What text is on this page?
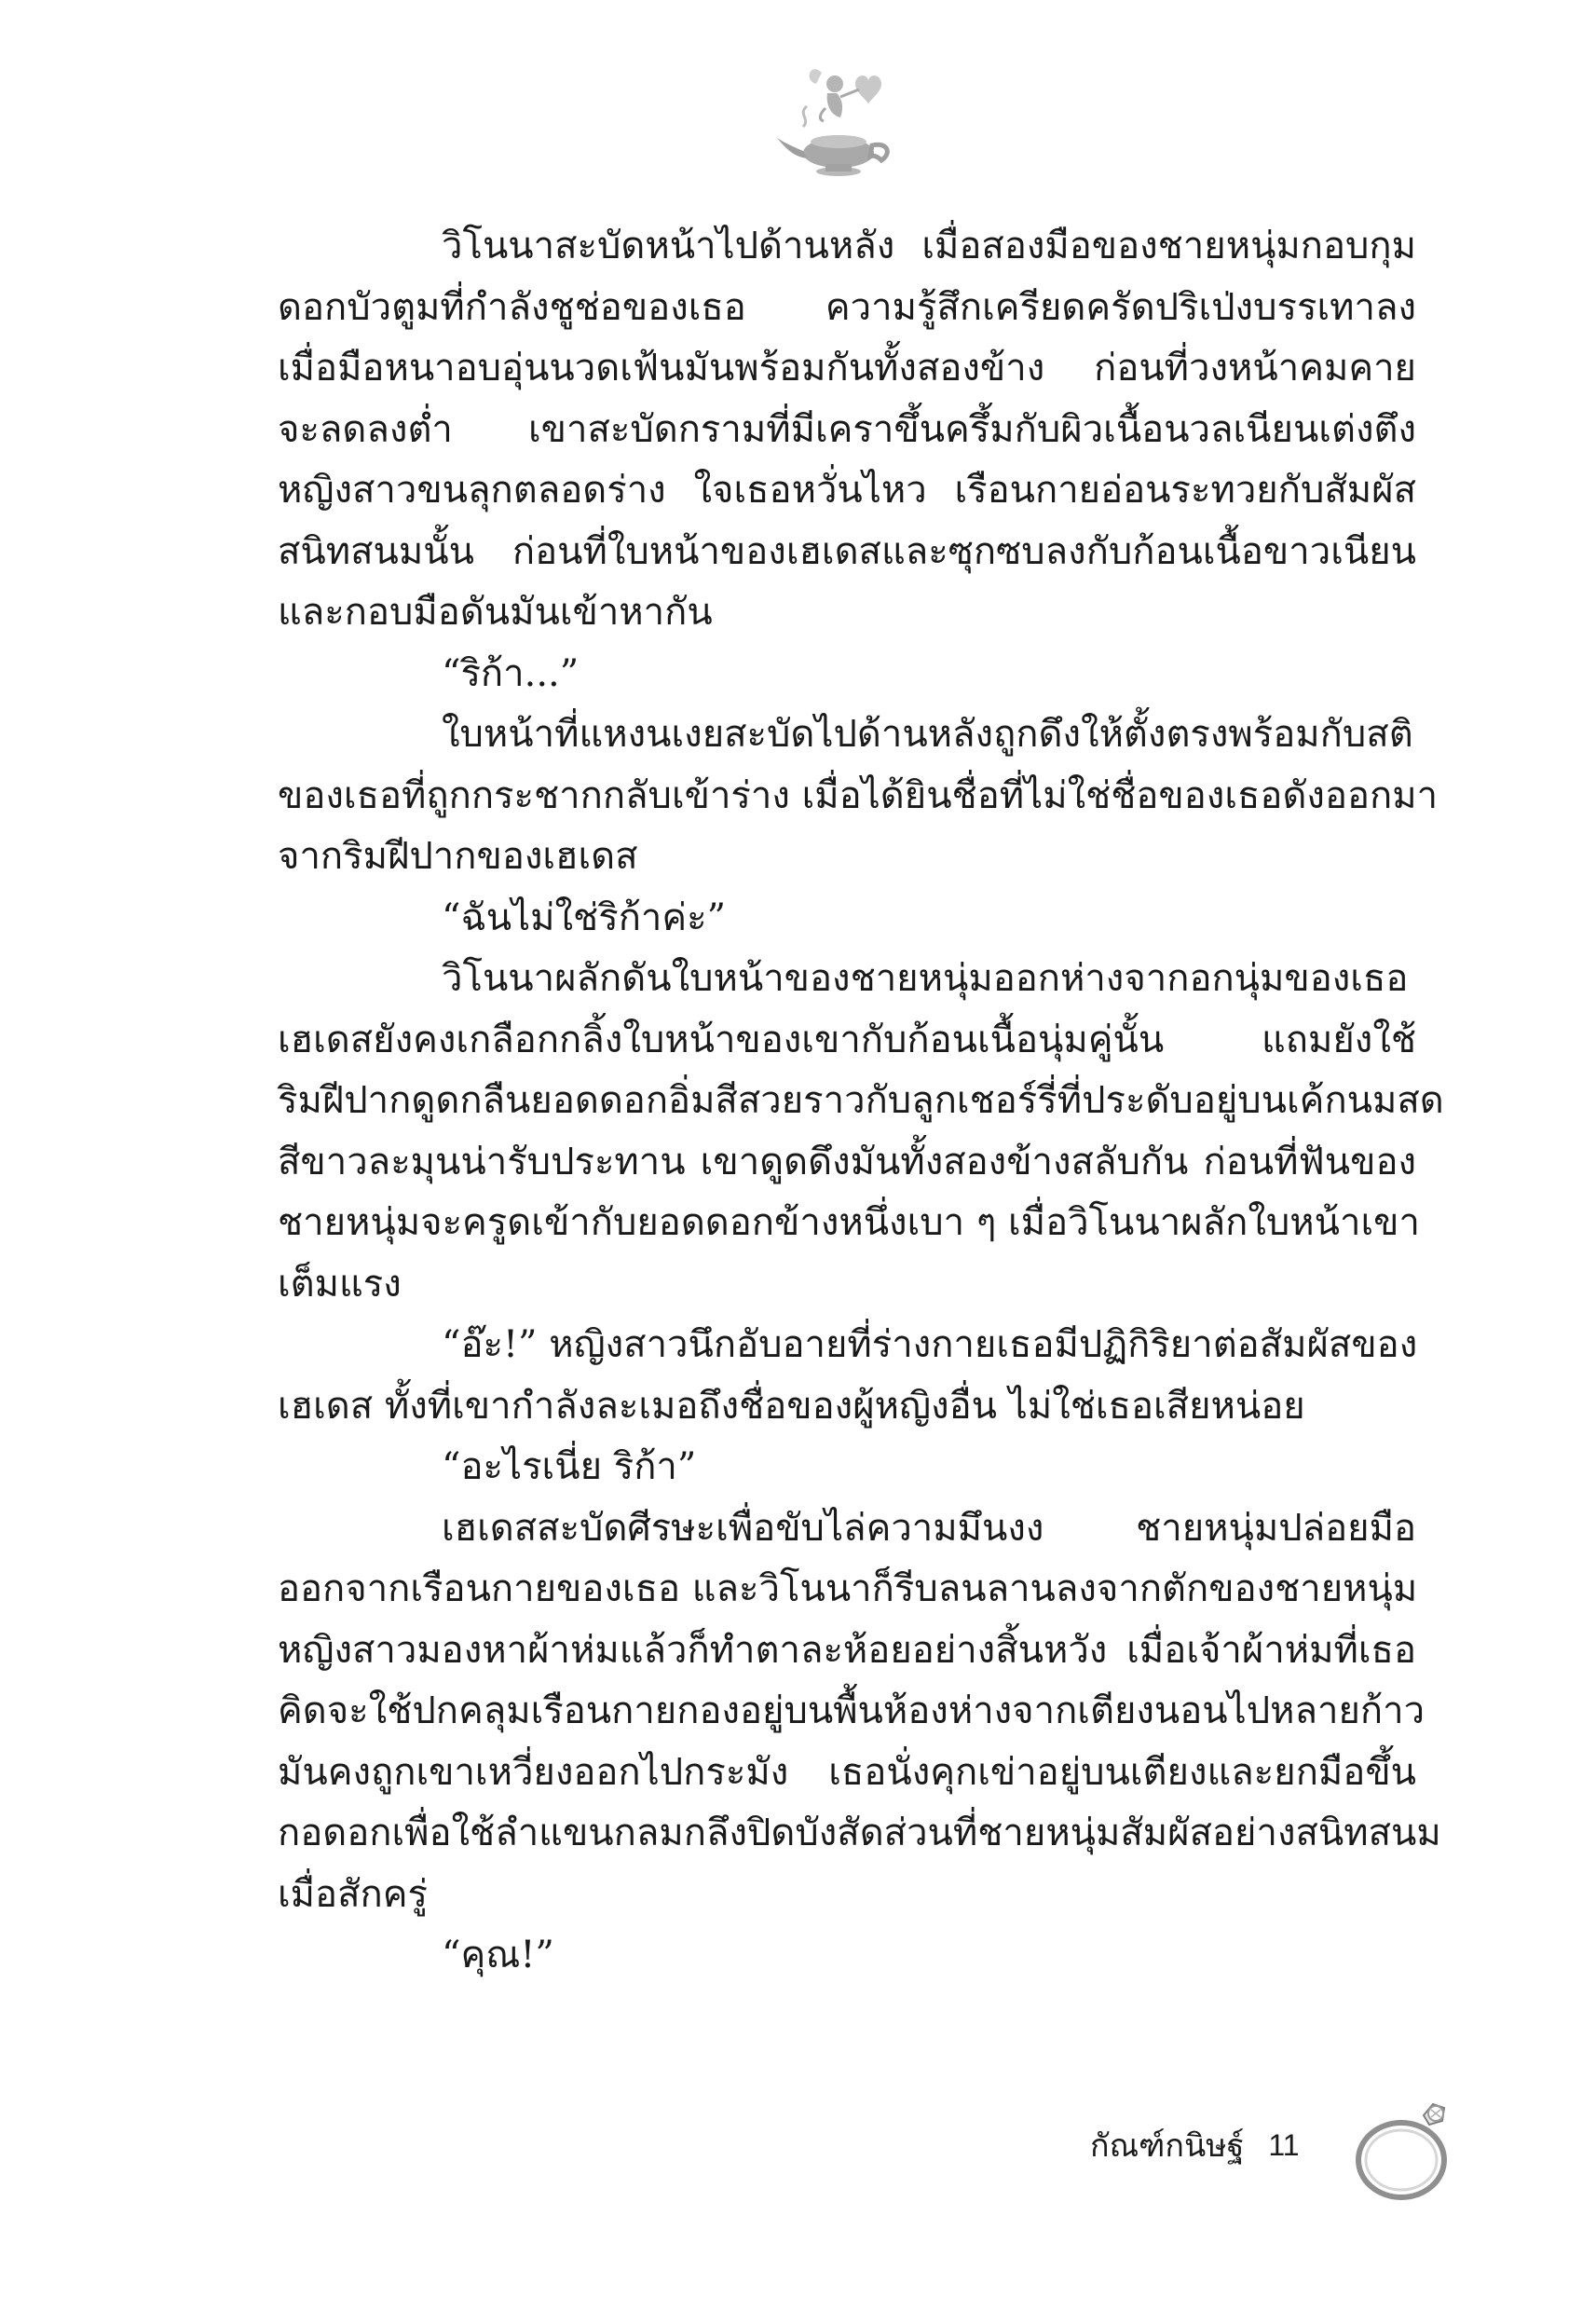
วิโนนาสะบัดหน้าไปด้านหลัง เมื่อสองมือของชายหนุ่มกอบกุม
ดอกบัวตูมที่กำลังชูช่อของเธอ ความรู้สึกเครียดครัดปริเป่งบรรเทาลง
เมื่อมือหนาอบอุ่นนวดเฟ้นมันพร้อมกันทั้งสองข้าง ก่อนที่วงหน้าคมคาย
จะลดลงต่ำ เขาสะบัดกรามที่มีเคราขึ้นครึ้มกับผิวเนื้อนวลเนียนเต่งตึง
หญิงสาวขนลุกตลอดร่าง ใจเธอหวั่นไหว เรือนกายอ่อนระทวยกับสัมผัส
สนิทสนมนั้น ก่อนที่ใบหน้าของเฮเดสและซุกซบลงกับก้อนเนื้อขาวเนียน
และกอบมือดันมันเข้าหากัน
“ริก้า...”
ใบหน้าที่แหงนเงยสะบัดไปด้านหลังถูกดึงให้ตั้งตรงพร้อมกับสติ
ของเธอที่ถูกกระชากกลับเข้าร่าง เมื่อได้ยินชื่อที่ไม่ใช่ชื่อของเธอดังออกมา
จากริมฝีปากของเฮเดส
“ฉันไม่ใช่ริก้าค่ะ”
วิโนนาผลักดันใบหน้าของชายหนุ่มออกห่างจากอกนุ่มของเธอ
เฮเดสยังคงเกลือกกลิ้งใบหน้าของเขากับก้อนเนื้อนุ่มคู่นั้น แถมยังใช้
ริมฝีปากดูดกลืนยอดดอกอิ่มสีสวยราวกับลูกเชอร์รี่ที่ประดับอยู่บนเค้กนมสด
สีขาวละมุนน่ารับประทาน เขาดูดดึงมันทั้งสองข้างสลับกัน ก่อนที่ฟันของ
ชายหนุ่มจะครูดเข้ากับยอดดอกข้างหนึ่งเบา ๆ เมื่อวิโนนาผลักใบหน้าเขา
เต็มแรง
“อ๊ะ!” หญิงสาวนึกอับอายที่ร่างกายเธอมีปฏิกิริยาต่อสัมผัสของ
เฮเดส ทั้งที่เขากำลังละเมอถึงชื่อของผู้หญิงอื่น ไม่ใช่เธอเสียหน่อย
“อะไรเนี่ย ริก้า”
เฮเดสสะบัดศีรษะเพื่อขับไล่ความมึนงง ชายหนุ่มปล่อยมือ
ออกจากเรือนกายของเธอ และวิโนนาก็รีบลนลานลงจากตักของชายหนุ่ม
หญิงสาวมองหาผ้าห่มแล้วก็ทำตาละห้อยอย่างสิ้นหวัง เมื่อเจ้าผ้าห่มที่เธอ
คิดจะใช้ปกคลุมเรือนกายกองอยู่บนพื้นห้องห่างจากเตียงนอนไปหลายก้าว
มันคงถูกเขาเหวี่ยงออกไปกระมัง เธอนั่งคุกเข่าอยู่บนเตียงและยกมือขึ้น
กอดอกเพื่อใช้ลำแขนกลมกลึงปิดบังสัดส่วนที่ชายหนุ่มสัมผัสอย่างสนิทสนม
เมื่อสักครู่
“คุณ!”
กัณฑ์กนิษฐ์ 11
